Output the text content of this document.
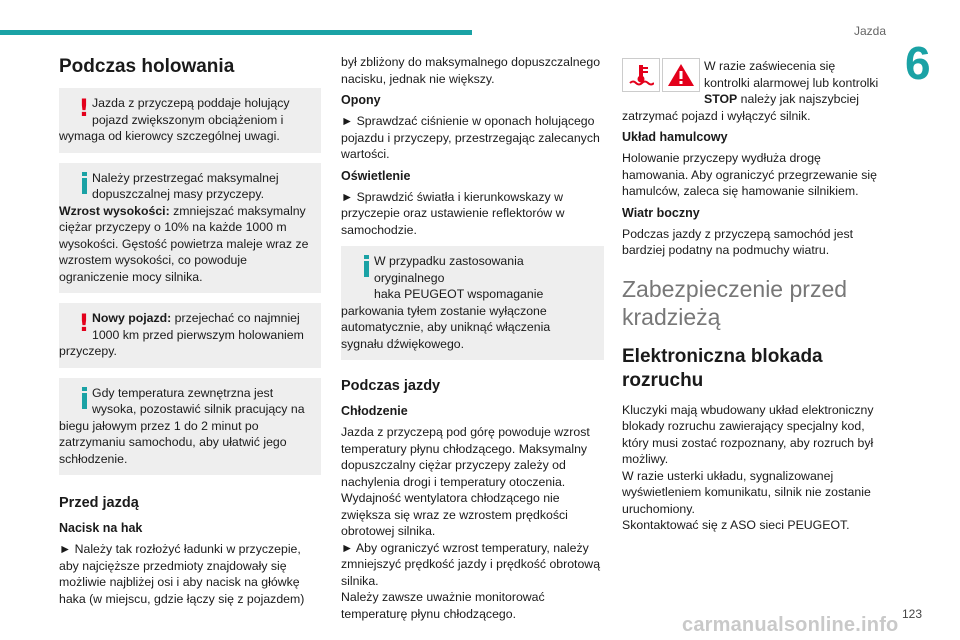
Jazda
6
Podczas holowania
! Jazda z przyczepą poddaje holujący
pojazd zwiększonym obciążeniom i
wymaga od kierowcy szczególnej uwagi.
Należy przestrzegać maksymalnej
dopuszczalnej masy przyczepy.
Wzrost wysokości: zmniejszać maksymalny ciężar przyczepy o 10% na każde 1000 m wysokości. Gęstość powietrza maleje wraz ze wzrostem wysokości, co powoduje ograniczenie mocy silnika.
! Nowy pojazd: przejechać co najmniej
1000 km przed pierwszym holowaniem
przyczepy.
Gdy temperatura zewnętrzna jest
wysoka, pozostawić silnik pracujący na
biegu jałowym przez 1 do 2 minut po zatrzymaniu samochodu, aby ułatwić jego schłodzenie.
Przed jazdą
Nacisk na hak
► Należy tak rozłożyć ładunki w przyczepie, aby najcięższe przedmioty znajdowały się możliwie najbliżej osi i aby nacisk na główkę haka (w miejscu, gdzie łączy się z pojazdem)
był zbliżony do maksymalnego dopuszczalnego nacisku, jednak nie większy.
Opony
► Sprawdzać ciśnienie w oponach holującego pojazdu i przyczepy, przestrzegając zalecanych wartości.
Oświetlenie
► Sprawdzić światła i kierunkowskazy w przyczepie oraz ustawienie reflektorów w samochodzie.
W przypadku zastosowania oryginalnego
haka PEUGEOT wspomaganie
parkowania tyłem zostanie wyłączone automatycznie, aby uniknąć włączenia sygnału dźwiękowego.
Podczas jazdy
Chłodzenie
Jazda z przyczepą pod górę powoduje wzrost temperatury płynu chłodzącego. Maksymalny dopuszczalny ciężar przyczepy zależy od nachylenia drogi i temperatury otoczenia. Wydajność wentylatora chłodzącego nie zwiększa się wraz ze wzrostem prędkości obrotowej silnika.
► Aby ograniczyć wzrost temperatury, należy zmniejszyć prędkość jazdy i prędkość obrotową silnika.
Należy zawsze uważnie monitorować temperaturę płynu chłodzącego.
W razie zaświecenia się kontrolki alarmowej lub kontrolki STOP należy jak najszybciej zatrzymać pojazd i wyłączyć silnik.
Układ hamulcowy
Holowanie przyczepy wydłuża drogę hamowania. Aby ograniczyć przegrzewanie się hamulców, zaleca się hamowanie silnikiem.
Wiatr boczny
Podczas jazdy z przyczepą samochód jest bardziej podatny na podmuchy wiatru.
Zabezpieczenie przed kradzieżą
Elektroniczna blokada rozruchu
Kluczyki mają wbudowany układ elektroniczny blokady rozruchu zawierający specjalny kod, który musi zostać rozpoznany, aby rozruch był możliwy.
W razie usterki układu, sygnalizowanej wyświetleniem komunikatu, silnik nie zostanie uruchomiony.
Skontaktować się z ASO sieci PEUGEOT.
123
carmanualsonline.info
